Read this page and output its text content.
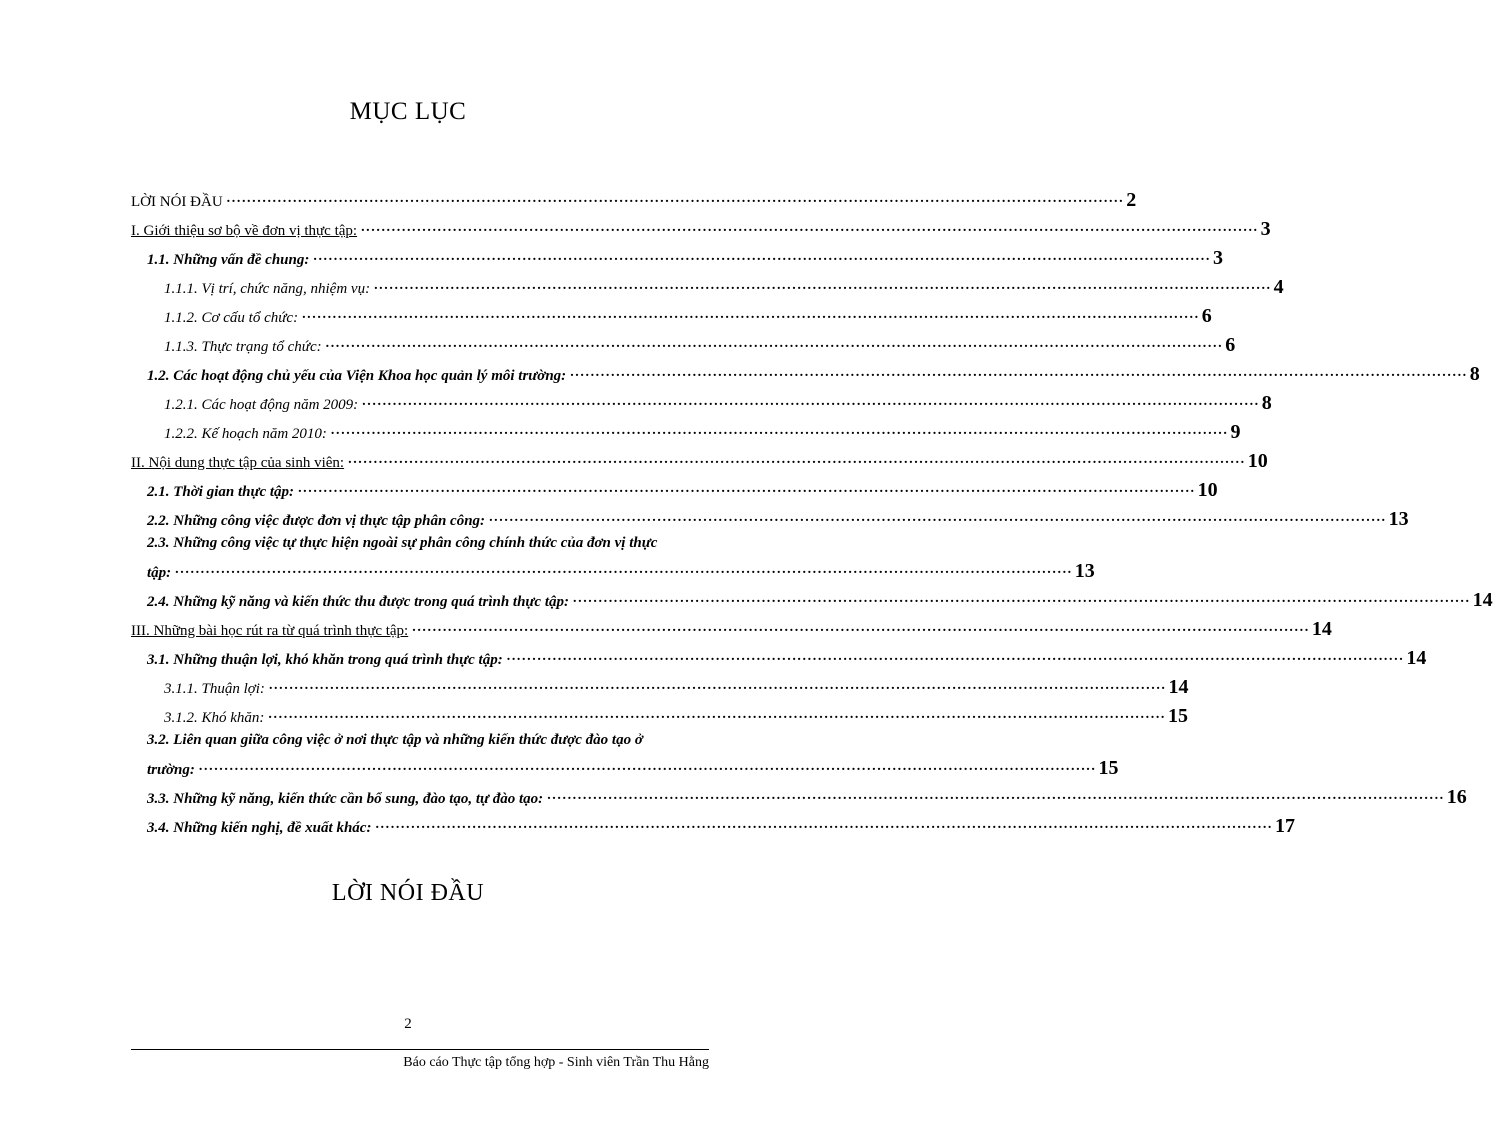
MỤC LỤC
LỜI NÓI ĐẦU .....	2
I. Giới thiệu sơ bộ về đơn vị thực tập: .....	3
1.1. Những vấn đề chung: .....	3
1.1.1. Vị trí, chức năng, nhiệm vụ: .....	4
1.1.2. Cơ cấu tổ chức: .....	6
1.1.3. Thực trạng tổ chức: .....	6
1.2. Các hoạt động chủ yếu của Viện Khoa học quản lý môi trường: .....	8
1.2.1. Các hoạt động năm 2009: .....	8
1.2.2. Kế hoạch năm 2010: .....	9
II. Nội dung thực tập của sinh viên: .....	10
2.1. Thời gian thực tập: .....	10
2.2. Những công việc được đơn vị thực tập phân công: .....	13
2.3. Những công việc tự thực hiện ngoài sự phân công chính thức của đơn vị thực
tập: .....	13
2.4. Những kỹ năng và kiến thức thu được trong quá trình thực tập: .....	14
III. Những bài học rút ra từ quá trình thực tập: .....	14
3.1. Những thuận lợi, khó khăn trong quá trình thực tập: .....	14
3.1.1. Thuận lợi: .....	14
3.1.2. Khó khăn: .....	15
3.2. Liên quan giữa công việc ở nơi thực tập và những kiến thức được đào tạo ở
trường: .....	15
3.3. Những kỹ năng, kiến thức cần bổ sung, đào tạo, tự đào tạo: .....	16
3.4. Những kiến nghị, đề xuất khác: .....	17
LỜI NÓI ĐẦU
2
Báo cáo Thực tập tổng hợp - Sinh viên Trần Thu Hằng
